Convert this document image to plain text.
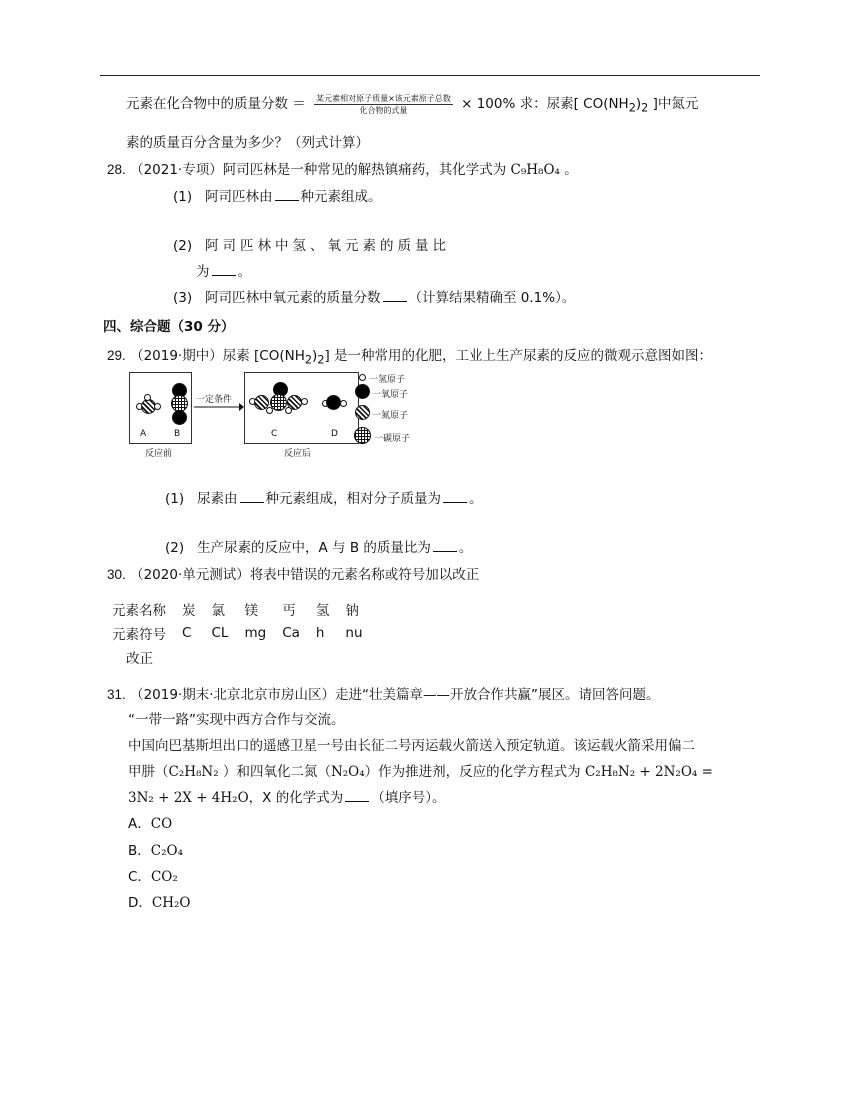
元素在化合物中的质量分数 ＝ $\frac{\text{某元素相对原子质量×该元素原子总数}}{\text{化合物的式量}} \times 100\%$ 求：尿素[ $CO(NH_2)_2$ ]中氮元
素的质量百分含量为多少？（列式计算）
28. （2021·专项）阿司匹林是一种常见的解热镇痛药，其化学式为 C₉H₈O₄ 。
(1) 阿司匹林由 种元素组成。
(2) 阿司匹林中氢、氧元素的质量比
为 。
(3) 阿司匹林中氧元素的质量分数 （计算结果精确至 0.1%）。
四、综合题（30 分）
29. （2019·期中）尿素 $[CO(NH_2)_2]$ 是一种常用的化肥，工业上生产尿素的反应的微观示意图如图：
A	B
反应前
一定条件
C	D
反应后
一氢原子
一氧原子
一氮原子
一碳原子
(1) 尿素由 种元素组成，相对分子质量为 。
(2) 生产尿素的反应中，A 与 B 的质量比为 。
30. （2020·单元测试）将表中错误的元素名称或符号加以改正
元素名称	炭	氯	镁	丐	氢	钠
元素符号	C	CL	mg	Ca	h	nu
改正						
31. （2019·期末·北京北京市房山区）走进“壮美篇章——开放合作共赢”展区。请回答问题。
“一带一路”实现中西方合作与交流。
中国向巴基斯坦出口的遥感卫星一号由长征二号丙运载火箭送入预定轨道。该运载火箭采用偏二
甲肼（C₂H₈N₂ ）和四氧化二氮（N₂O₄）作为推进剂，反应的化学方程式为 C₂H₈N₂ + 2N₂O₄ =
3N₂ + 2X + 4H₂O，X 的化学式为 （填序号）。
A．CO
B．C₂O₄
C．CO₂
D．CH₂O
